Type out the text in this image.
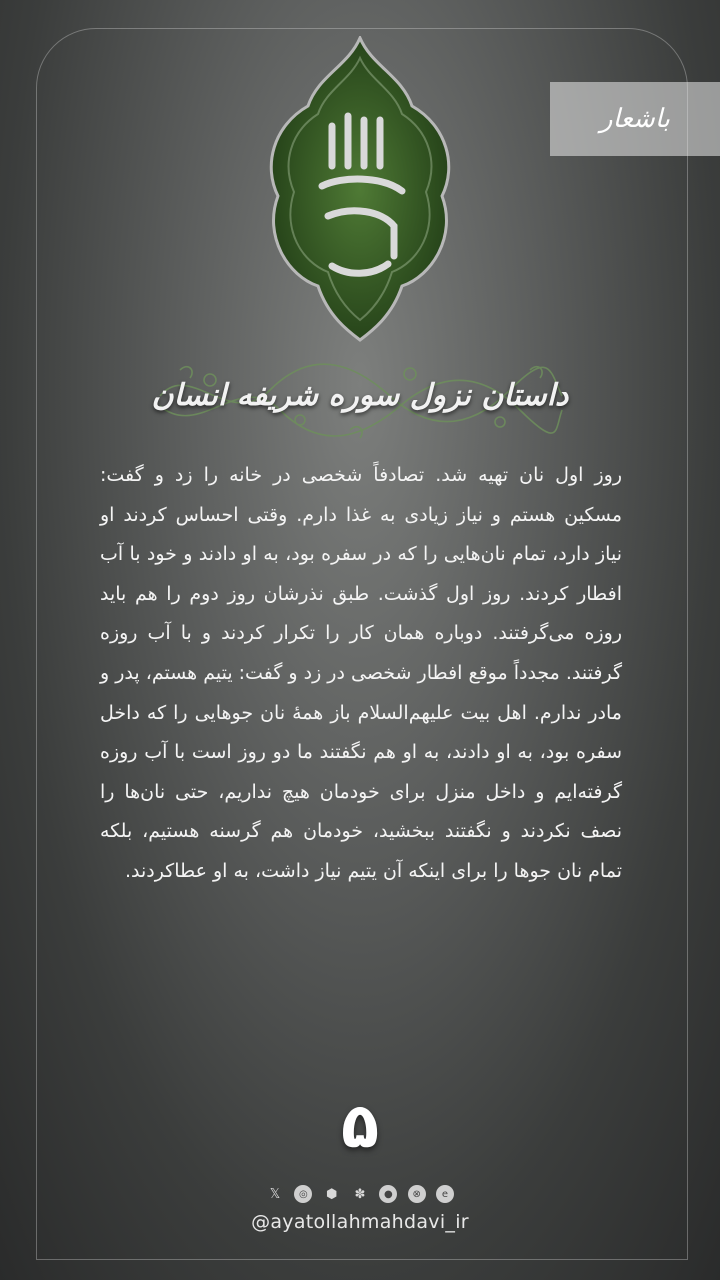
باشعار
داستان نزول سوره شریفه انسان
روز اول نان تهیه شد. تصادفاً شخصی در خانه را زد و گفت: مسکین هستم و نیاز زیادی به غذا دارم. وقتی احساس کردند او نیاز دارد، تمام نان‌هایی را که در سفره بود، به او دادند و خود با آب افطار کردند. روز اول گذشت. طبق نذرشان روز دوم را هم باید روزه می‌گرفتند. دوباره همان کار را تکرار کردند و با آب روزه گرفتند. مجدداً موقع افطار شخصی در زد و گفت: یتیم هستم، پدر و مادر ندارم. اهل بیت علیهم‌السلام باز همهٔ نان جوهایی را که داخل سفره بود، به او دادند، به او هم نگفتند ما دو روز است با آب روزه گرفته‌ایم و داخل منزل برای خودمان هیچ نداریم، حتی نان‌ها را نصف نکردند و نگفتند ببخشید، خودمان هم گرسنه هستیم، بلکه تمام نان جوها را برای اینکه آن یتیم نیاز داشت، به او عطاکردند.
۵
𝕏	◎	⬢ ✽	●	⊗	e
@ayatollahmahdavi_ir
